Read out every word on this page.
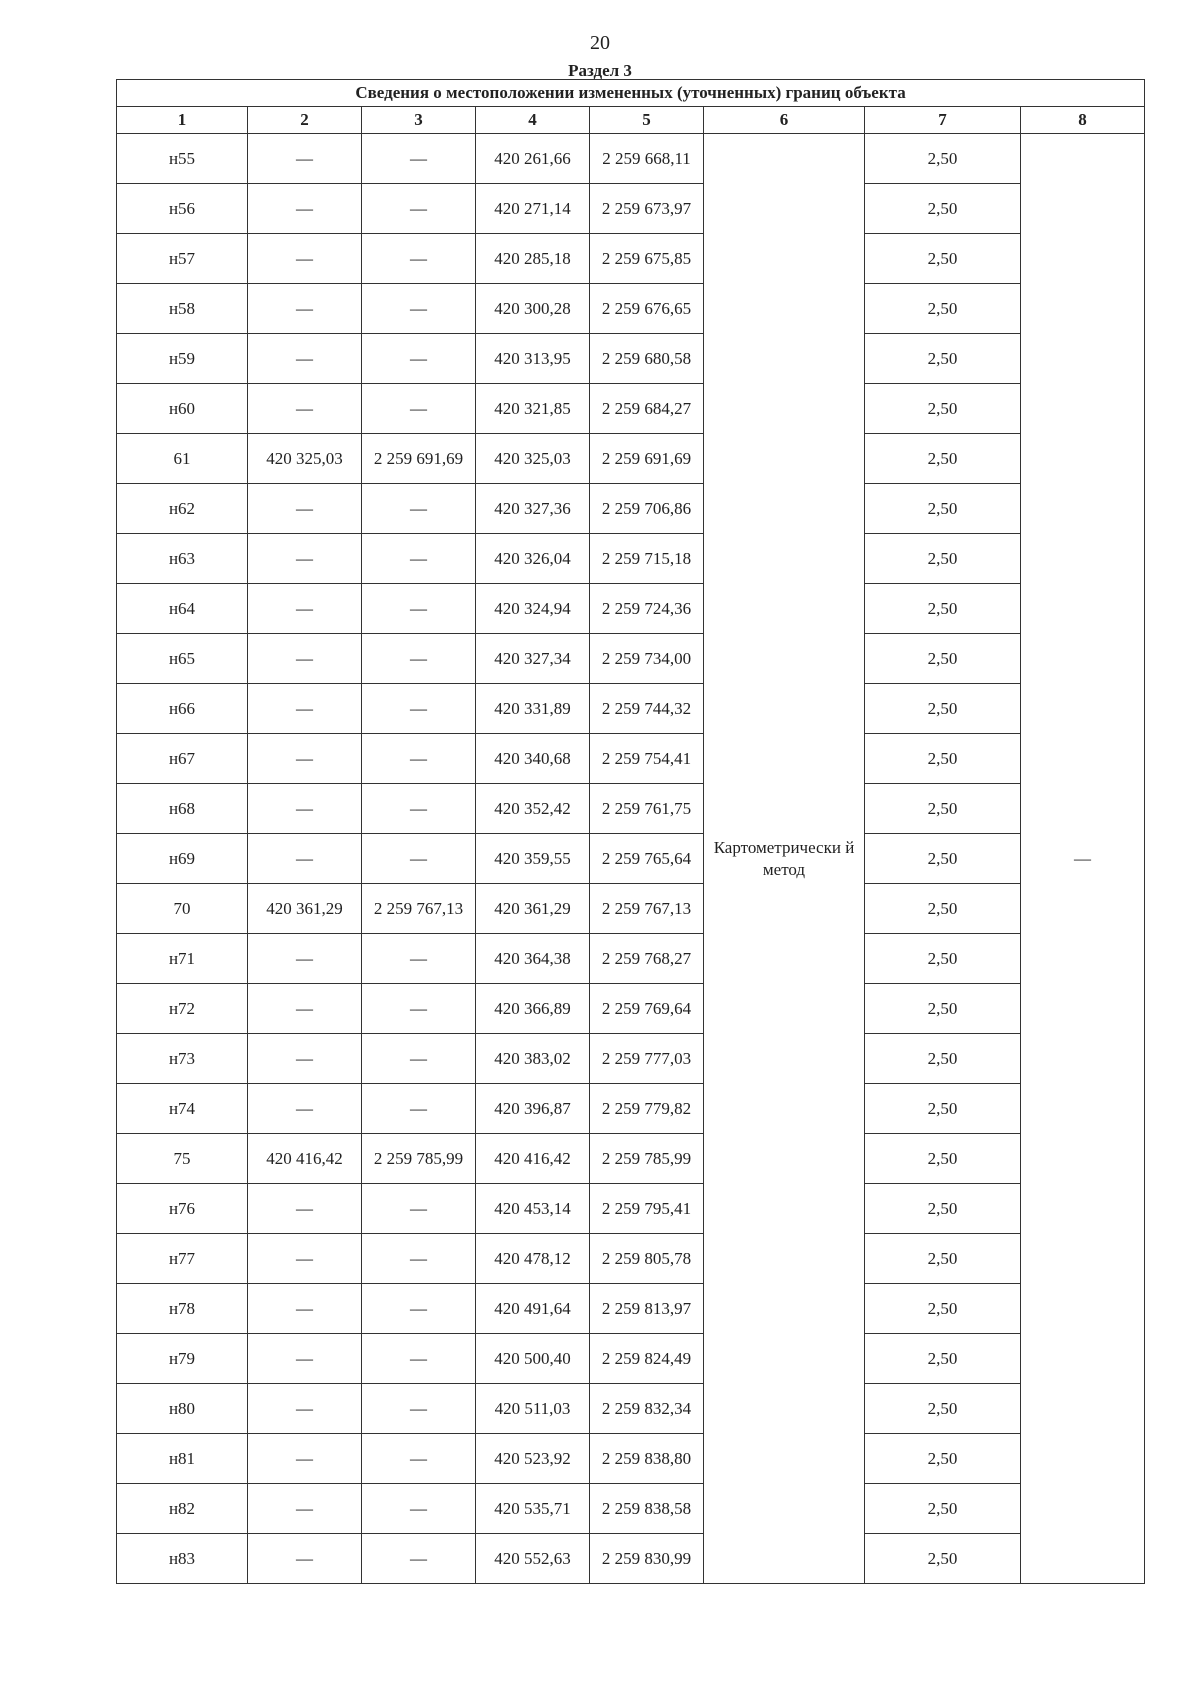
20
Раздел 3
Сведения о местоположении измененных (уточненных) границ объекта							
1	2	3	4	5	6	7	8
н55	—	—	420 261,66	2 259 668,11	Картометрически й метод	2,50	—
н56	—	—	420 271,14	2 259 673,97		2,50	
н57	—	—	420 285,18	2 259 675,85		2,50	
н58	—	—	420 300,28	2 259 676,65		2,50	
н59	—	—	420 313,95	2 259 680,58		2,50	
н60	—	—	420 321,85	2 259 684,27		2,50	
61	420 325,03	2 259 691,69	420 325,03	2 259 691,69		2,50	
н62	—	—	420 327,36	2 259 706,86		2,50	
н63	—	—	420 326,04	2 259 715,18		2,50	
н64	—	—	420 324,94	2 259 724,36		2,50	
н65	—	—	420 327,34	2 259 734,00		2,50	
н66	—	—	420 331,89	2 259 744,32		2,50	
н67	—	—	420 340,68	2 259 754,41		2,50	
н68	—	—	420 352,42	2 259 761,75		2,50	
н69	—	—	420 359,55	2 259 765,64		2,50	
70	420 361,29	2 259 767,13	420 361,29	2 259 767,13		2,50	
н71	—	—	420 364,38	2 259 768,27		2,50	
н72	—	—	420 366,89	2 259 769,64		2,50	
н73	—	—	420 383,02	2 259 777,03		2,50	
н74	—	—	420 396,87	2 259 779,82		2,50	
75	420 416,42	2 259 785,99	420 416,42	2 259 785,99		2,50	
н76	—	—	420 453,14	2 259 795,41		2,50	
н77	—	—	420 478,12	2 259 805,78		2,50	
н78	—	—	420 491,64	2 259 813,97		2,50	
н79	—	—	420 500,40	2 259 824,49		2,50	
н80	—	—	420 511,03	2 259 832,34		2,50	
н81	—	—	420 523,92	2 259 838,80		2,50	
н82	—	—	420 535,71	2 259 838,58		2,50	
н83	—	—	420 552,63	2 259 830,99		2,50	
